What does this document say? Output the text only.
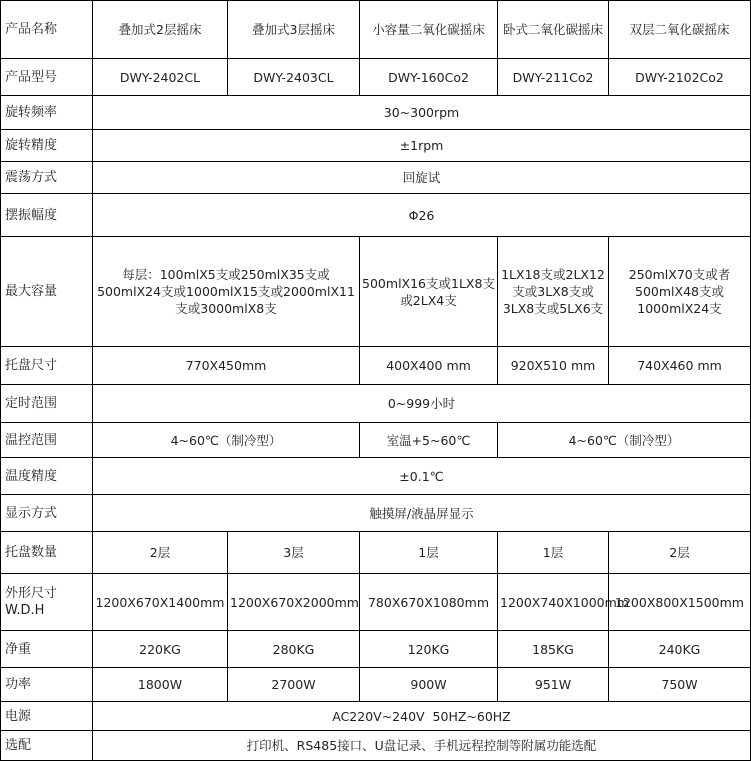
产品名称	叠加式2层摇床	叠加式3层摇床	小容量二氧化碳摇床	卧式二氧化碳摇床	双层二氧化碳摇床
产品型号	DWY-2402CL	DWY-2403CL	DWY-160Co2	DWY-211Co2	DWY-2102Co2
旋转频率	30~300rpm				
旋转精度	±1rpm				
震荡方式	回旋试				
摆振幅度	Φ26				
最大容量	每层：100mlX5支或250mlX35支或500mlX24支或1000mlX15支或2000mlX11支或3000mlX8支		500mlX16支或1LX8支或2LX4支	1LX18支或2LX12支或3LX8支或3LX8支或5LX6支	250mlX70支或者500mlX48支或1000mlX24支
托盘尺寸	770X450mm		400X400 mm	920X510 mm	740X460 mm
定时范围	0~999小时				
温控范围	4~60℃（制冷型）		室温+5~60℃	4~60℃（制冷型）	
温度精度	±0.1℃				
显示方式	触摸屏/液晶屏显示				
托盘数量	2层	3层	1层	1层	2层
外形尺寸
W.D.H	1200X670X1400mm	1200X670X2000mm	780X670X1080mm	1200X740X1000mm	1200X800X1500mm
净重	220KG	280KG	120KG	185KG	240KG
功率	1800W	2700W	900W	951W	750W
电源	AC220V~240V  50HZ~60HZ				
选配	打印机、RS485接口、U盘记录、手机远程控制等附属功能选配				
